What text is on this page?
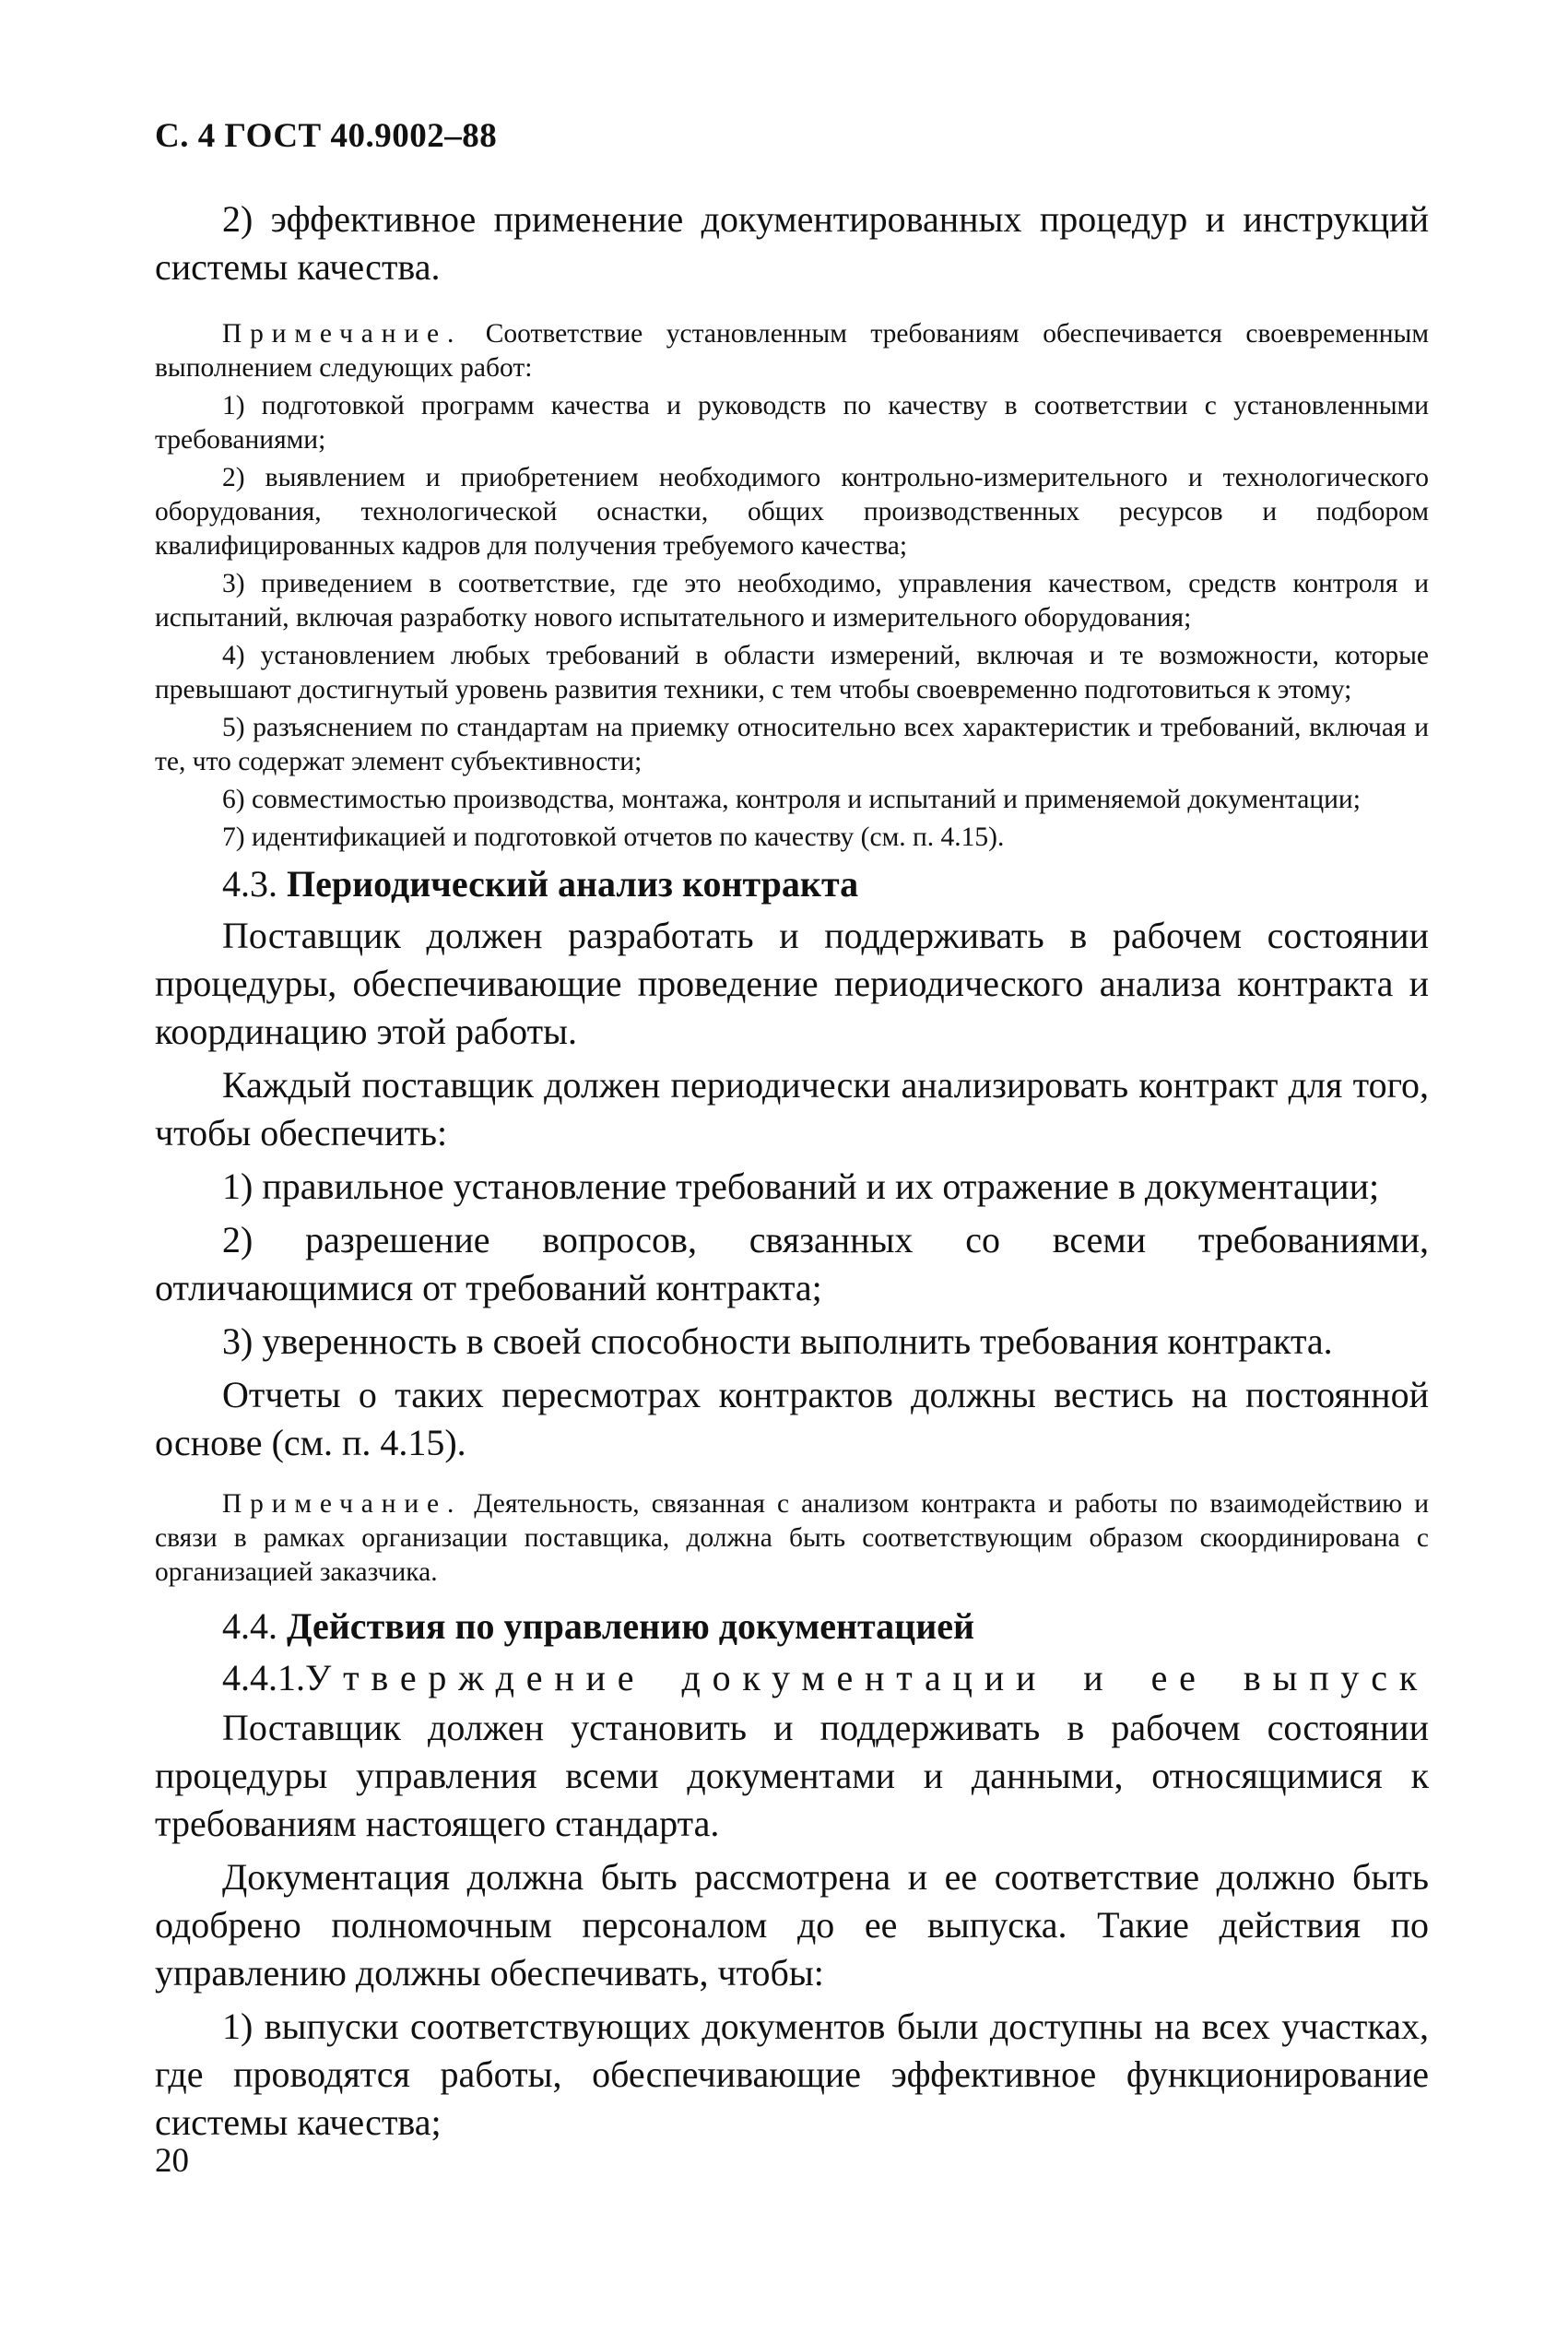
С. 4 ГОСТ 40.9002–88

2) эффективное применение документированных процедур и инструкций системы качества.

Примечание. Соответствие установленным требованиям обеспечивается своевременным выполнением следующих работ:

1) подготовкой программ качества и руководств по качеству в соответствии с установленными требованиями;

2) выявлением и приобретением необходимого контрольно-измерительного и технологического оборудования, технологической оснастки, общих производственных ресурсов и подбором квалифицированных кадров для получения требуемого качества;

3) приведением в соответствие, где это необходимо, управления качеством, средств контроля и испытаний, включая разработку нового испытательного и измерительного оборудования;

4) установлением любых требований в области измерений, включая и те возможности, которые превышают достигнутый уровень развития техники, с тем чтобы своевременно подготовиться к этому;

5) разъяснением по стандартам на приемку относительно всех характеристик и требований, включая и те, что содержат элемент субъективности;

6) совместимостью производства, монтажа, контроля и испытаний и применяемой документации;

7) идентификацией и подготовкой отчетов по качеству (см. п. 4.15).

4.3. Периодический анализ контракта

Поставщик должен разработать и поддерживать в рабочем состоянии процедуры, обеспечивающие проведение периодического анализа контракта и координацию этой работы.

Каждый поставщик должен периодически анализировать контракт для того, чтобы обеспечить:

1) правильное установление требований и их отражение в документации;

2) разрешение вопросов, связанных со всеми требованиями, отличающимися от требований контракта;

3) уверенность в своей способности выполнить требования контракта.

Отчеты о таких пересмотрах контрактов должны вестись на постоянной основе (см. п. 4.15).

Примечание. Деятельность, связанная с анализом контракта и работы по взаимодействию и связи в рамках организации поставщика, должна быть соответствующим образом скоординирована с организацией заказчика.

4.4. Действия по управлению документацией

4.4.1.Утверждение документации и ее выпуск

Поставщик должен установить и поддерживать в рабочем состоянии процедуры управления всеми документами и данными, относящимися к требованиям настоящего стандарта.

Документация должна быть рассмотрена и ее соответствие должно быть одобрено полномочным персоналом до ее выпуска. Такие действия по управлению должны обеспечивать, чтобы:

1) выпуски соответствующих документов были доступны на всех участках, где проводятся работы, обеспечивающие эффективное функционирование системы качества;

20
